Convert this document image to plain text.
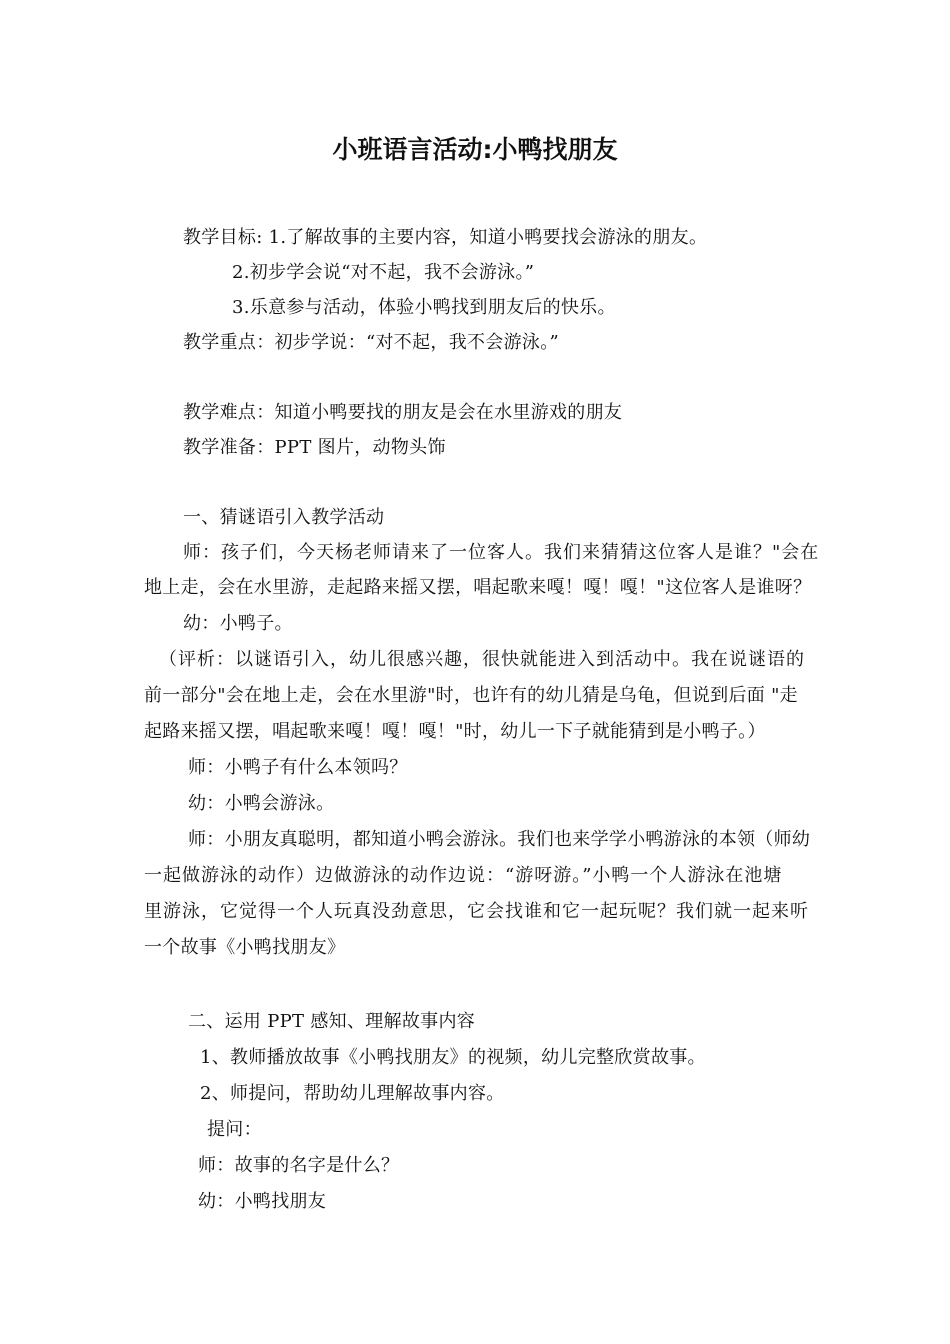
小班语言活动:小鸭找朋友
教学目标: 1.了解故事的主要内容，知道小鸭要找会游泳的朋友。
2.初步学会说“对不起，我不会游泳。”
3.乐意参与活动，体验小鸭找到朋友后的快乐。
教学重点：初步学说：“对不起，我不会游泳。”
教学难点：知道小鸭要找的朋友是会在水里游戏的朋友
教学准备：PPT 图片，动物头饰
一、猜谜语引入教学活动
师：孩子们，今天杨老师请来了一位客人。我们来猜猜这位客人是谁？"会在
地上走，会在水里游，走起路来摇又摆，唱起歌来嘎！嘎！嘎！"这位客人是谁呀？
幼：小鸭子。
（评析：以谜语引入，幼儿很感兴趣，很快就能进入到活动中。我在说谜语的
前一部分"会在地上走，会在水里游"时，也许有的幼儿猜是乌龟，但说到后面 "走
起路来摇又摆，唱起歌来嘎！嘎！嘎！"时，幼儿一下子就能猜到是小鸭子。）
师：小鸭子有什么本领吗？
幼：小鸭会游泳。
师：小朋友真聪明，都知道小鸭会游泳。我们也来学学小鸭游泳的本领（师幼
一起做游泳的动作）边做游泳的动作边说：“游呀游。”小鸭一个人游泳在池塘
里游泳，它觉得一个人玩真没劲意思，它会找谁和它一起玩呢？我们就一起来听
一个故事《小鸭找朋友》
二、运用 PPT 感知、理解故事内容
1、教师播放故事《小鸭找朋友》的视频，幼儿完整欣赏故事。
2、师提问，帮助幼儿理解故事内容。
提问：
师：故事的名字是什么？
幼：小鸭找朋友
